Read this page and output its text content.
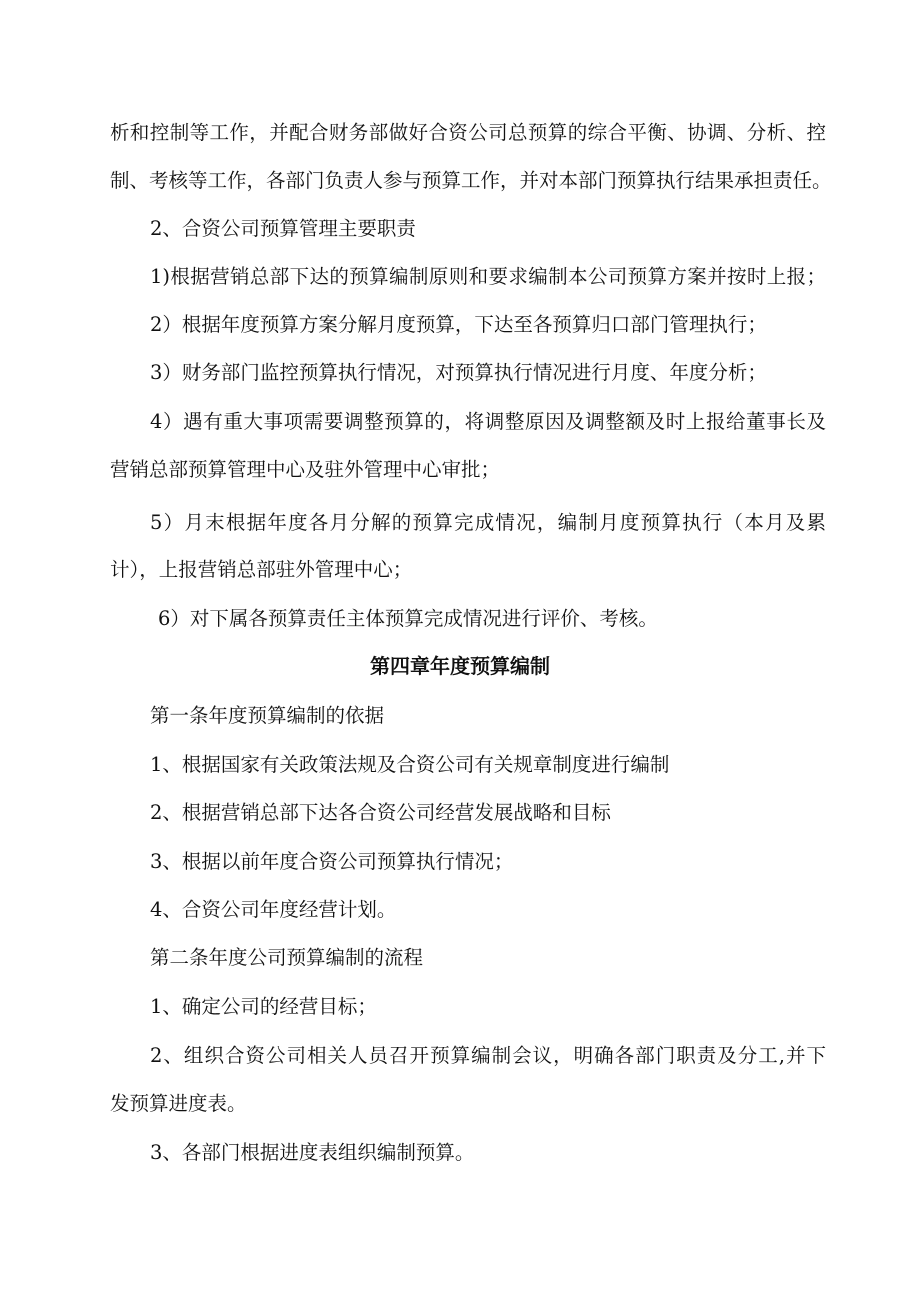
析和控制等工作，并配合财务部做好合资公司总预算的综合平衡、协调、分析、控
制、考核等工作，各部门负责人参与预算工作，并对本部门预算执行结果承担责任。
2、合资公司预算管理主要职责
1)根据营销总部下达的预算编制原则和要求编制本公司预算方案并按时上报；
2）根据年度预算方案分解月度预算，下达至各预算归口部门管理执行；
3）财务部门监控预算执行情况，对预算执行情况进行月度、年度分析；
4）遇有重大事项需要调整预算的，将调整原因及调整额及时上报给董事长及
营销总部预算管理中心及驻外管理中心审批；
5）月末根据年度各月分解的预算完成情况，编制月度预算执行（本月及累
计），上报营销总部驻外管理中心；
6）对下属各预算责任主体预算完成情况进行评价、考核。
第四章年度预算编制
第一条年度预算编制的依据
1、根据国家有关政策法规及合资公司有关规章制度进行编制
2、根据营销总部下达各合资公司经营发展战略和目标
3、根据以前年度合资公司预算执行情况；
4、合资公司年度经营计划。
第二条年度公司预算编制的流程
1、确定公司的经营目标；
2、组织合资公司相关人员召开预算编制会议，明确各部门职责及分工,并下
发预算进度表。
3、各部门根据进度表组织编制预算。
